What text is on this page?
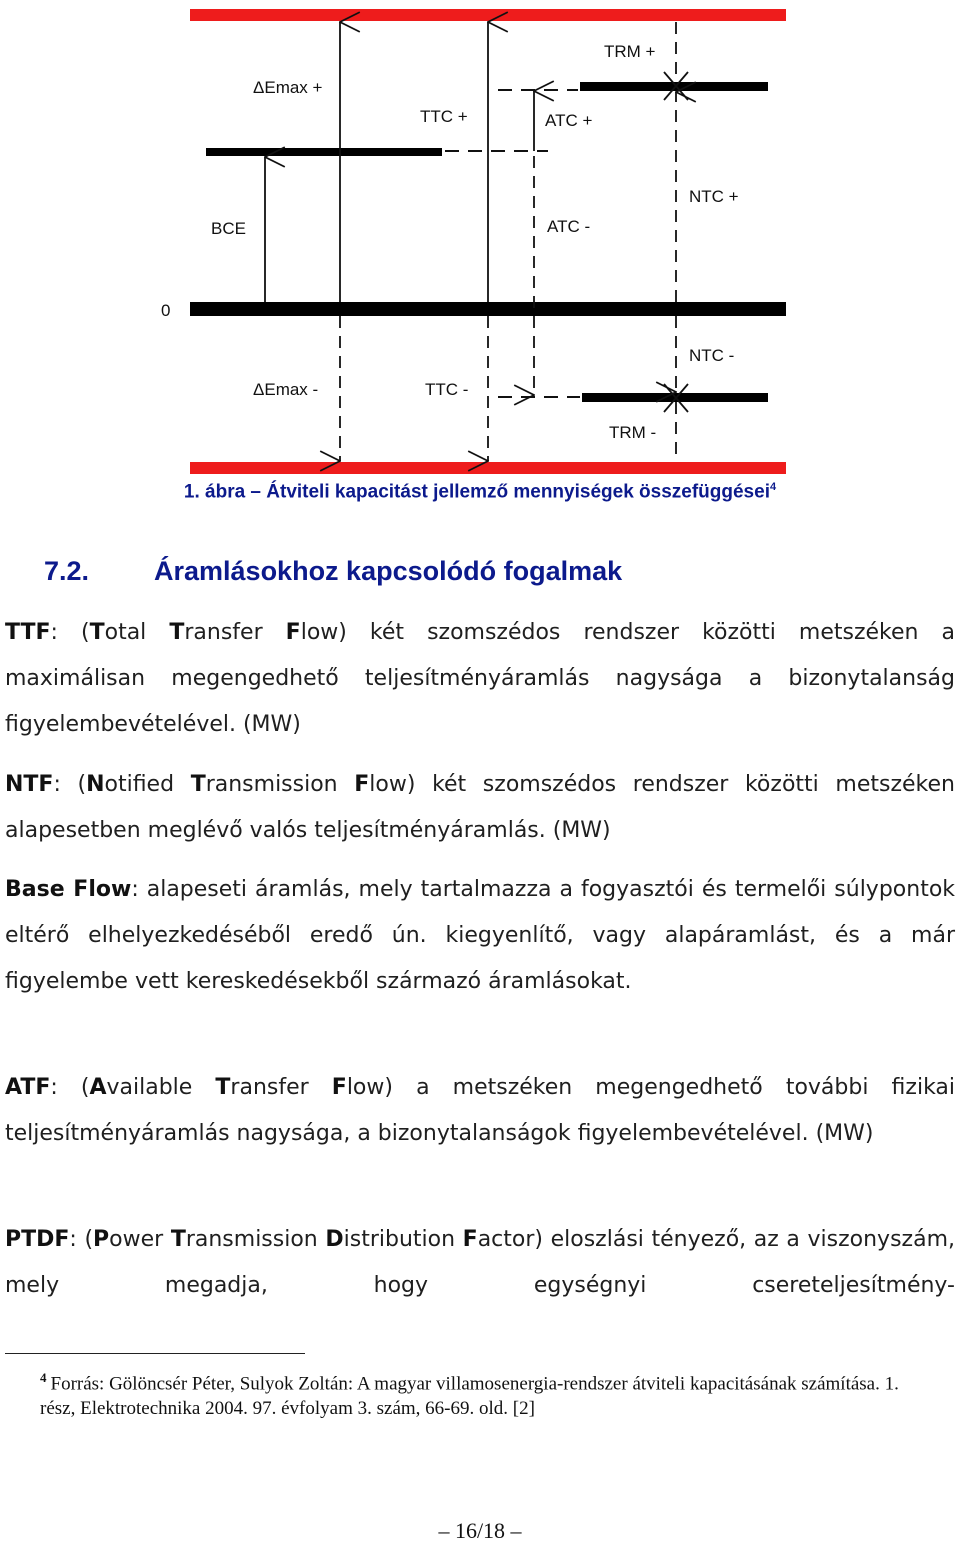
ΔEmax +
TTC +	ATC +
TRM +
NTC +
BCE	ATC -
0
NTC -
ΔEmax -	TTC -
TRM -
1. ábra – Átviteli kapacitást jellemző mennyiségek összefüggései$^4$
7.2. Áramlásokhoz kapcsolódó fogalmak

TTF: (Total Transfer Flow) két szomszédos rendszer közötti metszéken a maximálisan megengedhető teljesítményáramlás nagysága a bizonytalanság figyelembevételével. (MW)

NTF: (Notified Transmission Flow) két szomszédos rendszer közötti metszéken alapesetben meglévő valós teljesítményáramlás. (MW)

Base Flow: alapeseti áramlás, mely tartalmazza a fogyasztói és termelői súlypontok eltérő elhelyezkedéséből eredő ún. kiegyenlítő, vagy alapáramlást, és a már figyelembe vett kereskedésekből származó áramlásokat.

ATF: (Available Transfer Flow) a metszéken megengedhető további fizikai teljesítményáramlás nagysága, a bizonytalanságok figyelembevételével. (MW)

PTDF: (Power Transmission Distribution Factor) eloszlási tényező, az a viszonyszám, mely megadja, hogy egységnyi csereteljesítmény-

$^4$ Forrás: Gölöncsér Péter, Sulyok Zoltán: A magyar villamosenergia-rendszer átviteli kapacitásának számítása. 1. rész, Elektrotechnika 2004. 97. évfolyam 3. szám, 66-69. old. [2]
– 16/18 –
